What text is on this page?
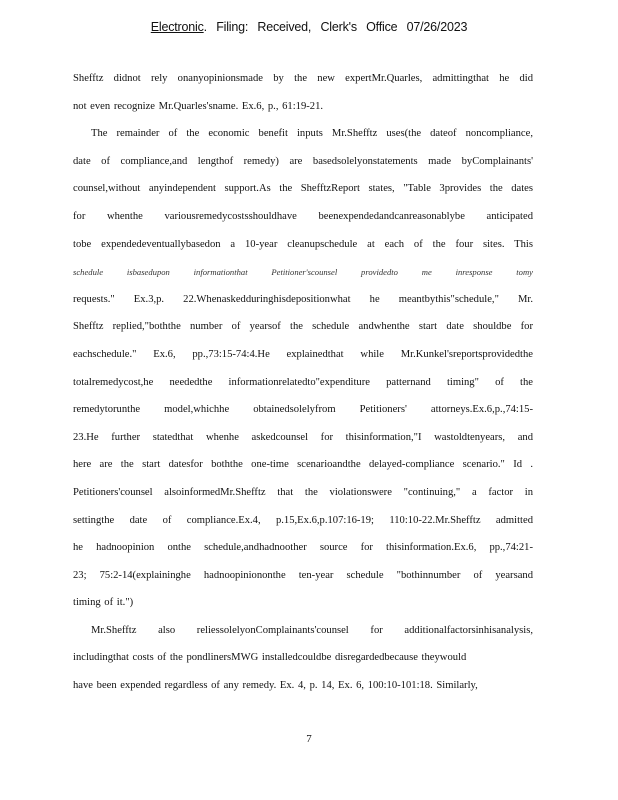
Electronic. Filing: Received, Clerk's Office 07/26/2023
Shefftz didnot rely onanyopinionsmade by the new expertMr.Quarles, admittingthat he did
not even recognize Mr.Quarles'sname. Ex.6, p., 61:19-21.
The remainder of the economic benefit inputs Mr.Shefftz uses(the dateof noncompliance,
date of compliance,and lengthof remedy) are basedsolelyonstatements made byComplainants'
counsel,without anyindependent support.As the ShefftzReport states, "Table 3provides the dates
for whenthe variousremedycostsshouldhave beenexpendedandcanreasonablybe anticipated
tobe expendedeventuallybasedon a 10-year cleanupschedule at each of the four sites. This
schedule isbasedupon informationthat Petitioner'scounsel providedto me inresponse tomy
requests." Ex.3,p. 22.Whenaskedduringhisdepositionwhat he meantbythis"schedule," Mr.
Shefftz replied,"boththe number of yearsof the schedule andwhenthe start date shouldbe for
eachschedule." Ex.6, pp.,73:15-74:4.He explainedthat while Mr.Kunkel'sreportsprovidedthe
totalremedycost,he neededthe informationrelatedto"expenditure patternand timing" of the
remedytorunthe model,whichhe obtainedsolelyfrom Petitioners' attorneys.Ex.6,p.,74:15-
23.He further statedthat whenhe askedcounsel for thisinformation,"I wastoldtenyears, and
here are the start datesfor boththe one-time scenarioandthe delayed-compliance scenario." Id .
Petitioners'counsel alsoinformedMr.Shefftz that the violationswere "continuing," a factor in
settingthe date of compliance.Ex.4, p.15,Ex.6,p.107:16-19; 110:10-22.Mr.Shefftz admitted
he hadnoopinion onthe schedule,andhadnoother source for thisinformation.Ex.6, pp.,74:21-
23; 75:2-14(explaininghe hadnoopiniononthe ten-year schedule "bothinnumber of yearsand
timing of it.")
Mr.Shefftz also reliessolelyonComplainants'counsel for additionalfactorsinhisanalysis,
includingthat costs of the pondlinersMWG installedcouldbe disregardedbecause theywould
have been expended regardless of any remedy. Ex. 4, p. 14, Ex. 6, 100:10-101:18. Similarly,
7
